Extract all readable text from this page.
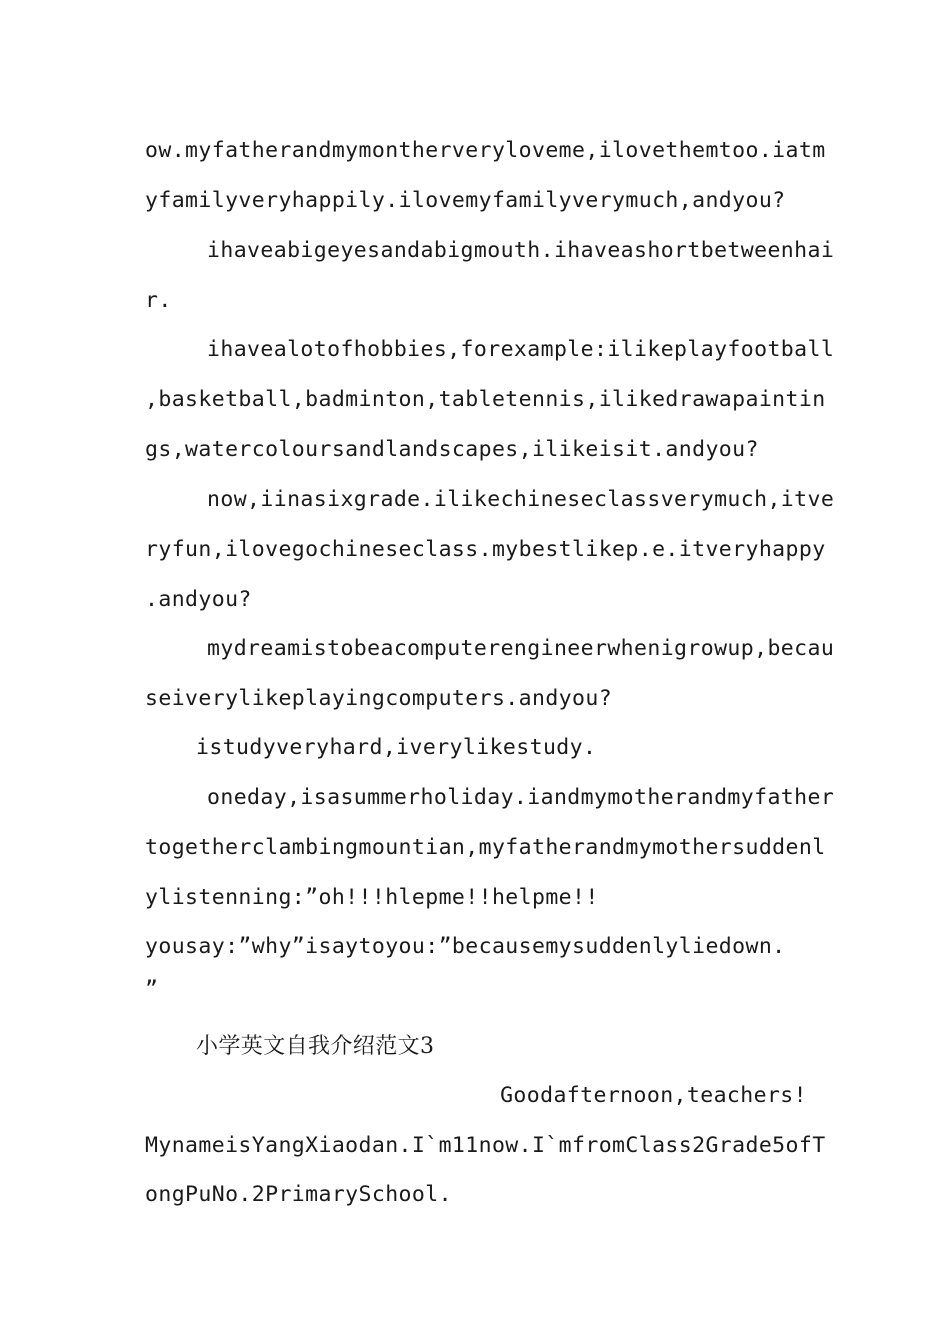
ow.myfatherandmymontherveryloveme,ilovethemtoo.iatm
yfamilyveryhappily.ilovemyfamilyverymuch,andyou?
ihaveabigeyesandabigmouth.ihaveashortbetweenhai
r.
ihavealotofhobbies,forexample:ilikeplayfootball
,basketball,badminton,tabletennis,ilikedrawapaintin
gs,watercoloursandlandscapes,ilikeisit.andyou?
now,iinasixgrade.ilikechineseclassverymuch,itve
ryfun,ilovegochineseclass.mybestlikep.e.itveryhappy
.andyou?
mydreamistobeacomputerengineerwhenigrowup,becau
seiverylikeplayingcomputers.andyou?
istudyveryhard,iverylikestudy.
oneday,isasummerholiday.iandmymotherandmyfather
togetherclambingmountian,myfatherandmymothersuddenl
ylistenning:”oh!!!hlepme!!helpme!!
yousay:”why”isaytoyou:”becausemysuddenlyliedown.
”
小学英文自我介绍范文3
Goodafternoon,teachers!
MynameisYangXiaodan.I`m11now.I`mfromClass2Grade5ofT
ongPuNo.2PrimarySchool.
